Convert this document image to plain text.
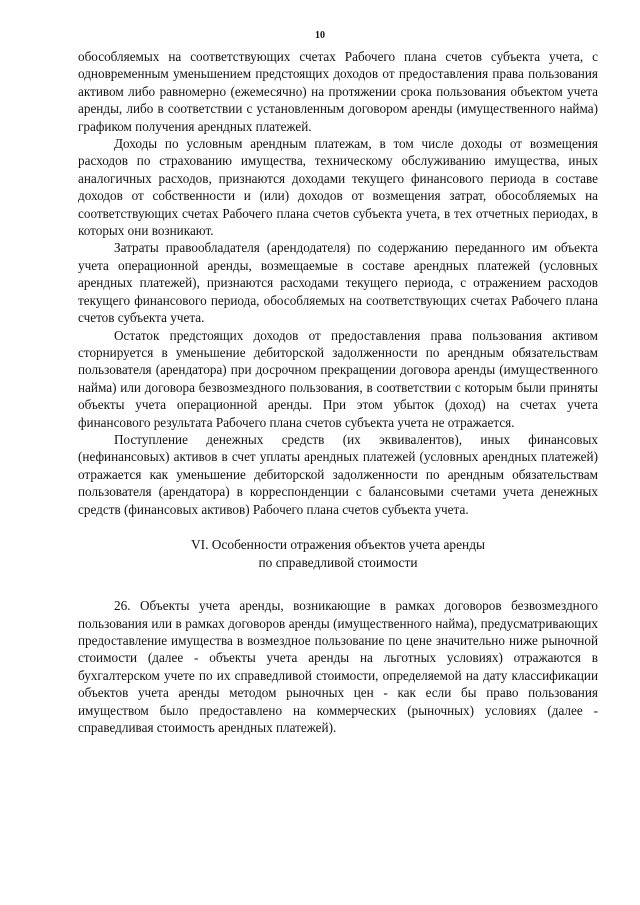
10

обособляемых на соответствующих счетах Рабочего плана счетов субъекта учета, с одновременным уменьшением предстоящих доходов от предоставления права пользования активом либо равномерно (ежемесячно) на протяжении срока пользования объектом учета аренды, либо в соответствии с установленным договором аренды (имущественного найма) графиком получения арендных платежей.

Доходы по условным арендным платежам, в том числе доходы от возмещения расходов по страхованию имущества, техническому обслуживанию имущества, иных аналогичных расходов, признаются доходами текущего финансового периода в составе доходов от собственности и (или) доходов от возмещения затрат, обособляемых на соответствующих счетах Рабочего плана счетов субъекта учета, в тех отчетных периодах, в которых они возникают.

Затраты правообладателя (арендодателя) по содержанию переданного им объекта учета операционной аренды, возмещаемые в составе арендных платежей (условных арендных платежей), признаются расходами текущего периода, с отражением расходов текущего финансового периода, обособляемых на соответствующих счетах Рабочего плана счетов субъекта учета.

Остаток предстоящих доходов от предоставления права пользования активом сторнируется в уменьшение дебиторской задолженности по арендным обязательствам пользователя (арендатора) при досрочном прекращении договора аренды (имущественного найма) или договора безвозмездного пользования, в соответствии с которым были приняты объекты учета операционной аренды. При этом убыток (доход) на счетах учета финансового результата Рабочего плана счетов субъекта учета не отражается.

Поступление денежных средств (их эквивалентов), иных финансовых (нефинансовых) активов в счет уплаты арендных платежей (условных арендных платежей) отражается как уменьшение дебиторской задолженности по арендным обязательствам пользователя (арендатора) в корреспонденции с балансовыми счетами учета денежных средств (финансовых активов) Рабочего плана счетов субъекта учета.

VI. Особенности отражения объектов учета аренды
по справедливой стоимости

26. Объекты учета аренды, возникающие в рамках договоров безвозмездного пользования или в рамках договоров аренды (имущественного найма), предусматривающих предоставление имущества в возмездное пользование по цене значительно ниже рыночной стоимости (далее - объекты учета аренды на льготных условиях) отражаются в бухгалтерском учете по их справедливой стоимости, определяемой на дату классификации объектов учета аренды методом рыночных цен - как если бы право пользования имуществом было предоставлено на коммерческих (рыночных) условиях (далее - справедливая стоимость арендных платежей).
